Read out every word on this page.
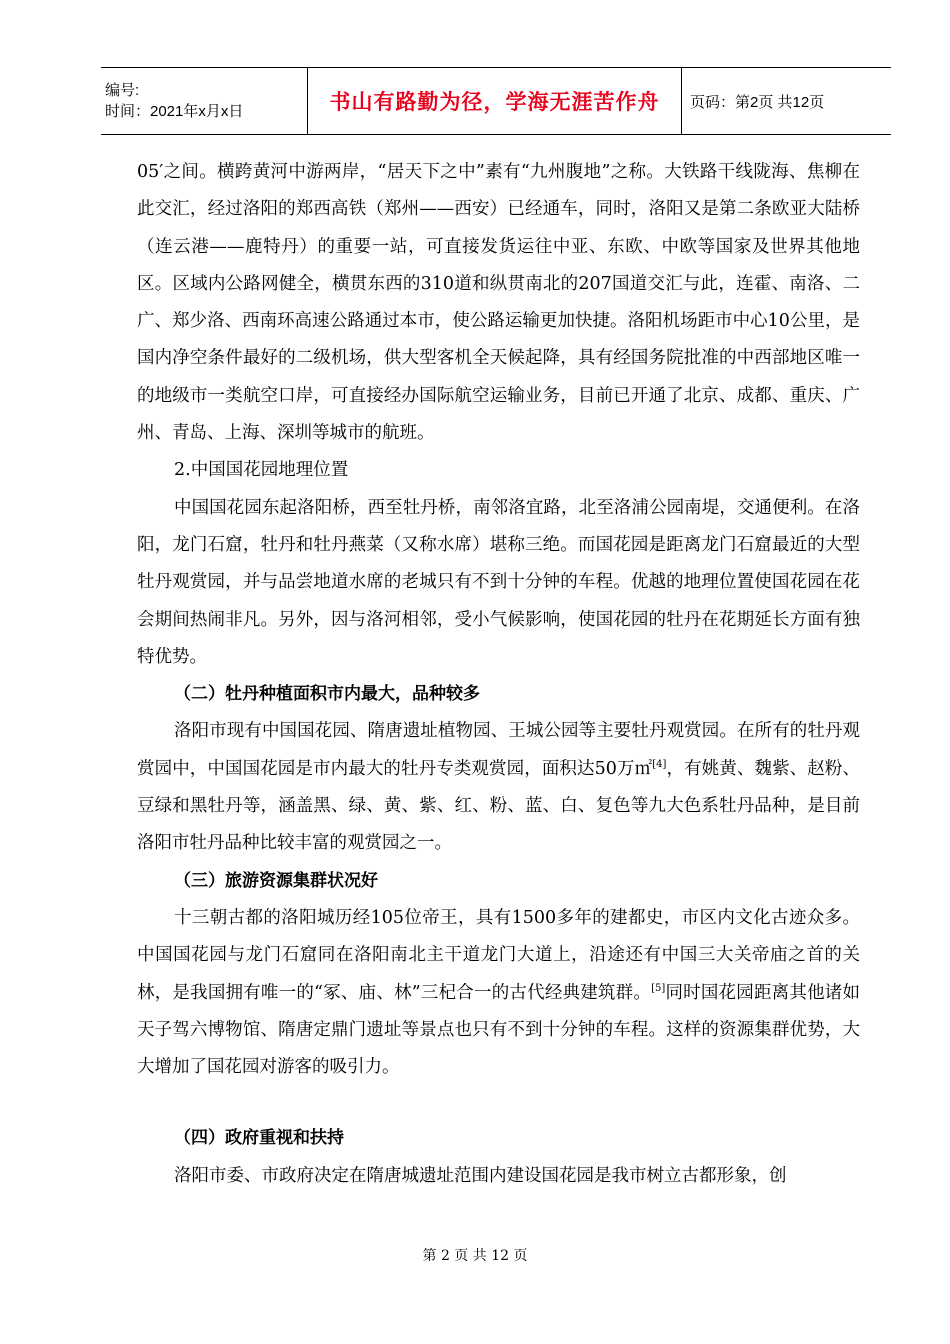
编号:
时间：2021年x月x日	书山有路勤为径，学海无涯苦作舟	页码：第2页 共12页

05′之间。横跨黄河中游两岸，“居天下之中”素有“九州腹地”之称。大铁路干线陇海、焦柳在此交汇，经过洛阳的郑西高铁（郑州——西安）已经通车，同时，洛阳又是第二条欧亚大陆桥（连云港——鹿特丹）的重要一站，可直接发货运往中亚、东欧、中欧等国家及世界其他地区。区域内公路网健全，横贯东西的310道和纵贯南北的207国道交汇与此，连霍、南洛、二广、郑少洛、西南环高速公路通过本市，使公路运输更加快捷。洛阳机场距市中心10公里，是国内净空条件最好的二级机场，供大型客机全天候起降，具有经国务院批准的中西部地区唯一的地级市一类航空口岸，可直接经办国际航空运输业务，目前已开通了北京、成都、重庆、广州、青岛、上海、深圳等城市的航班。

2.中国国花园地理位置

中国国花园东起洛阳桥，西至牡丹桥，南邻洛宜路，北至洛浦公园南堤，交通便利。在洛阳，龙门石窟，牡丹和牡丹燕菜（又称水席）堪称三绝。而国花园是距离龙门石窟最近的大型牡丹观赏园，并与品尝地道水席的老城只有不到十分钟的车程。优越的地理位置使国花园在花会期间热闹非凡。另外，因与洛河相邻，受小气候影响，使国花园的牡丹在花期延长方面有独特优势。

（二）牡丹种植面积市内最大，品种较多

洛阳市现有中国国花园、隋唐遗址植物园、王城公园等主要牡丹观赏园。在所有的牡丹观赏园中，中国国花园是市内最大的牡丹专类观赏园，面积达50万㎡[4]，有姚黄、魏紫、赵粉、豆绿和黑牡丹等，涵盖黑、绿、黄、紫、红、粉、蓝、白、复色等九大色系牡丹品种，是目前洛阳市牡丹品种比较丰富的观赏园之一。

（三）旅游资源集群状况好

十三朝古都的洛阳城历经105位帝王，具有1500多年的建都史，市区内文化古迹众多。中国国花园与龙门石窟同在洛阳南北主干道龙门大道上，沿途还有中国三大关帝庙之首的关林，是我国拥有唯一的“冢、庙、林”三杞合一的古代经典建筑群。[5]同时国花园距离其他诸如天子驾六博物馆、隋唐定鼎门遗址等景点也只有不到十分钟的车程。这样的资源集群优势，大大增加了国花园对游客的吸引力。

（四）政府重视和扶持

洛阳市委、市政府决定在隋唐城遗址范围内建设国花园是我市树立古都形象，创

第 2 页 共 12 页
